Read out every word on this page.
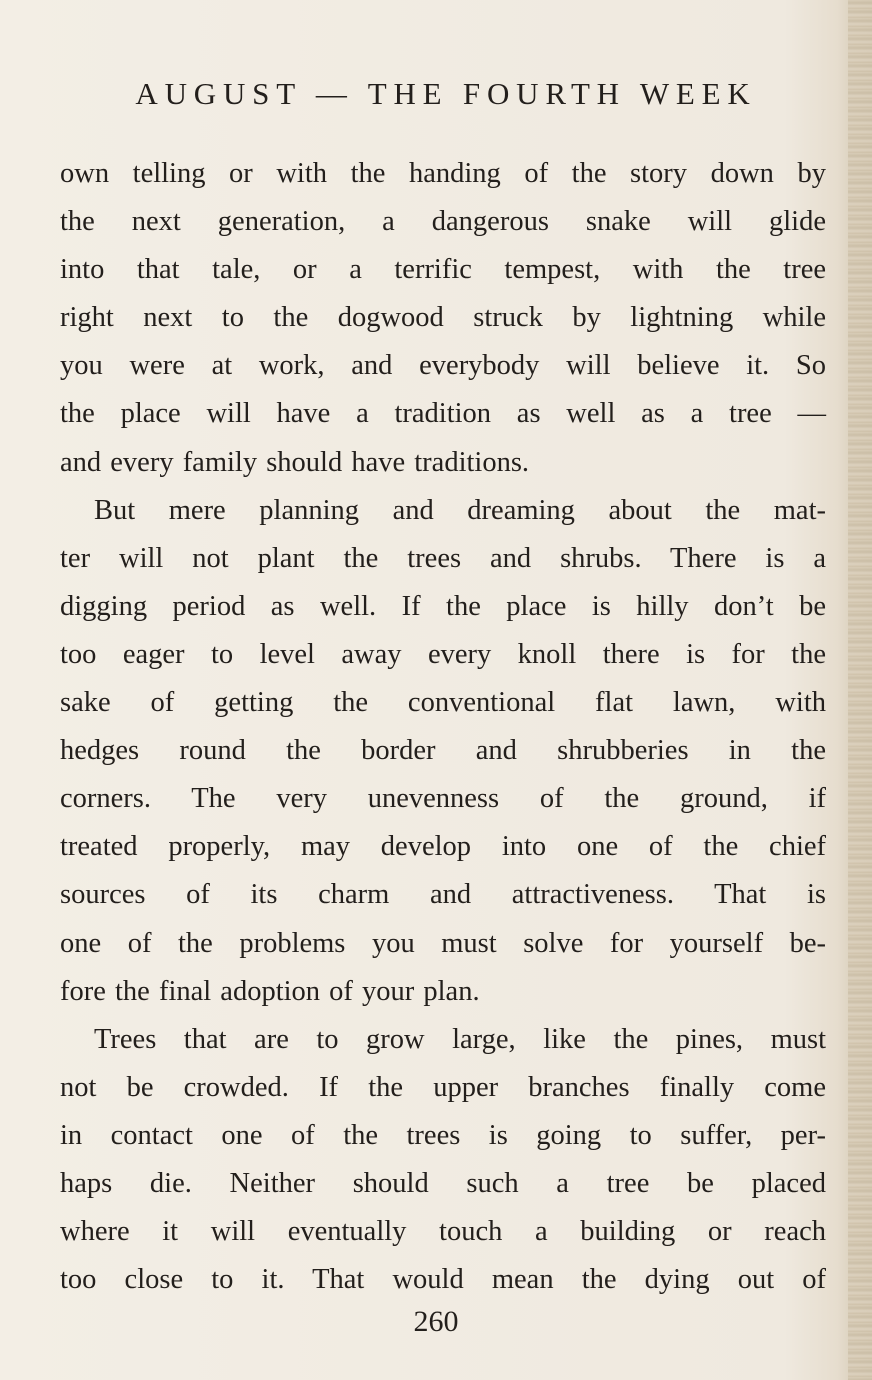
AUGUST — THE FOURTH WEEK
own telling or with the handing of the story down by
the next generation, a dangerous snake will glide
into that tale, or a terrific tempest, with the tree
right next to the dogwood struck by lightning while
you were at work, and everybody will believe it. So
the place will have a tradition as well as a tree —
and every family should have traditions.
But mere planning and dreaming about the mat-
ter will not plant the trees and shrubs. There is a
digging period as well. If the place is hilly don’t be
too eager to level away every knoll there is for the
sake of getting the conventional flat lawn, with
hedges round the border and shrubberies in the
corners. The very unevenness of the ground, if
treated properly, may develop into one of the chief
sources of its charm and attractiveness. That is
one of the problems you must solve for yourself be-
fore the final adoption of your plan.
Trees that are to grow large, like the pines, must
not be crowded. If the upper branches finally come
in contact one of the trees is going to suffer, per-
haps die. Neither should such a tree be placed
where it will eventually touch a building or reach
too close to it. That would mean the dying out of
260
